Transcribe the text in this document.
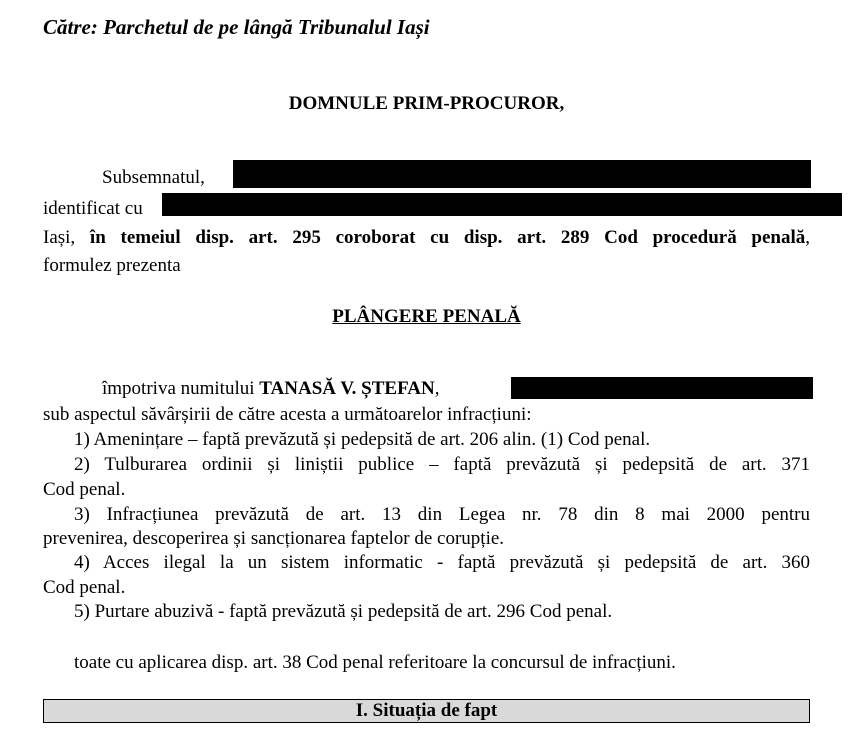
Către: Parchetul de pe lângă Tribunalul Iași
DOMNULE PRIM-PROCUROR,
Subsemnatul,
identificat cu
Iași, în temeiul disp. art. 295 coroborat cu disp. art. 289 Cod procedură penală,
formulez prezenta
PLÂNGERE PENALĂ
împotriva numitului TANASĂ V. ȘTEFAN,
sub aspectul săvârșirii de către acesta a următoarelor infracțiuni:
1) Amenințare – faptă prevăzută și pedepsită de art. 206 alin. (1) Cod penal.
2) Tulburarea ordinii și liniștii publice – faptă prevăzută și pedepsită de art. 371
Cod penal.
3) Infracțiunea prevăzută de art. 13 din Legea nr. 78 din 8 mai 2000 pentru
prevenirea, descoperirea și sancționarea faptelor de corupție.
4) Acces ilegal la un sistem informatic - faptă prevăzută și pedepsită de art. 360
Cod penal.
5) Purtare abuzivă - faptă prevăzută și pedepsită de art. 296 Cod penal.
toate cu aplicarea disp. art. 38 Cod penal referitoare la concursul de infracțiuni.
I. Situația de fapt
